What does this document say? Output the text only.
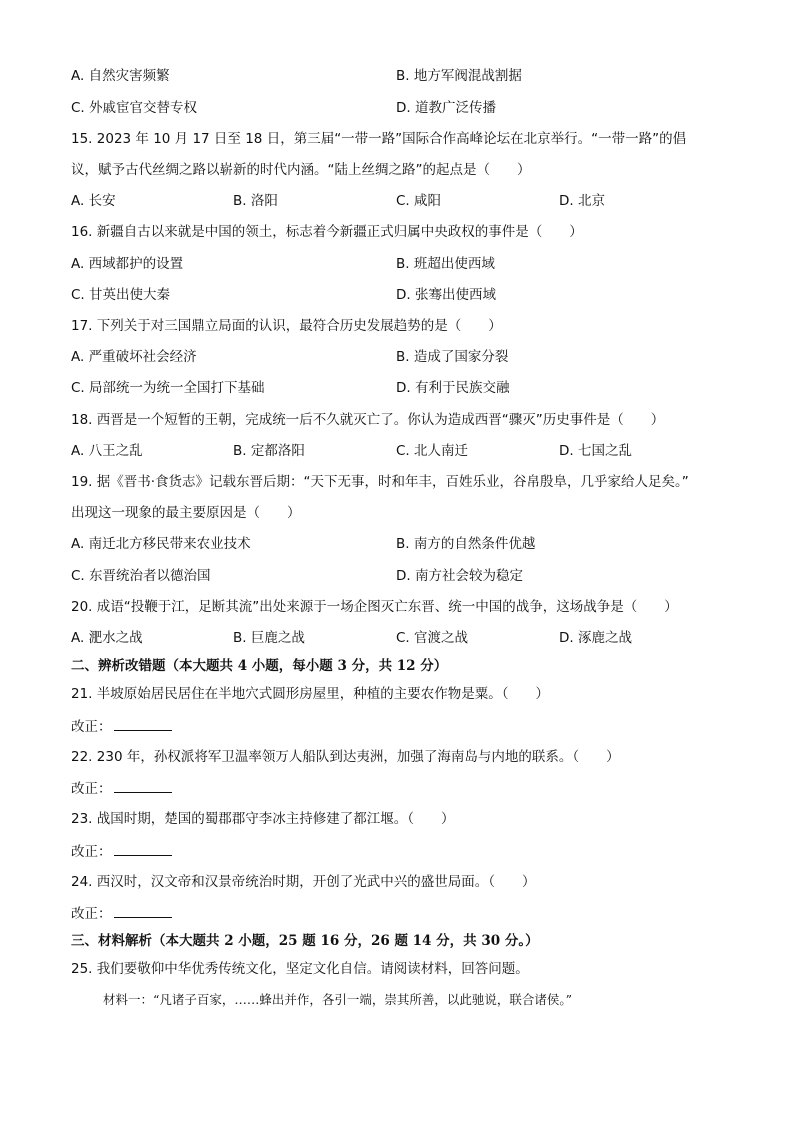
A. 自然灾害频繁	B. 地方军阀混战割据
C. 外戚宦官交替专权	D. 道教广泛传播
15. 2023 年 10 月 17 日至 18 日，第三届“一带一路”国际合作高峰论坛在北京举行。“一带一路”的倡
议，赋予古代丝绸之路以崭新的时代内涵。“陆上丝绸之路”的起点是（　　）
A. 长安	B. 洛阳	C. 咸阳	D. 北京
16. 新疆自古以来就是中国的领土，标志着今新疆正式归属中央政权的事件是（　　）
A. 西域都护的设置	B. 班超出使西域
C. 甘英出使大秦	D. 张骞出使西域
17. 下列关于对三国鼎立局面的认识，最符合历史发展趋势的是（　　）
A. 严重破坏社会经济	B. 造成了国家分裂
C. 局部统一为统一全国打下基础	D. 有利于民族交融
18. 西晋是一个短暂的王朝，完成统一后不久就灭亡了。你认为造成西晋“骤灭”历史事件是（　　）
A. 八王之乱	B. 定都洛阳	C. 北人南迁	D. 七国之乱
19. 据《晋书·食货志》记载东晋后期：“天下无事，时和年丰，百姓乐业，谷帛殷阜，几乎家给人足矣。”
出现这一现象的最主要原因是（　　）
A. 南迁北方移民带来农业技术	B. 南方的自然条件优越
C. 东晋统治者以德治国	D. 南方社会较为稳定
20. 成语“投鞭于江，足断其流”出处来源于一场企图灭亡东晋、统一中国的战争，这场战争是（　　）
A. 淝水之战	B. 巨鹿之战	C. 官渡之战	D. 涿鹿之战
二、辨析改错题（本大题共 4 小题，每小题 3 分，共 12 分）
21. 半坡原始居民居住在半地穴式圆形房屋里，种植的主要农作物是粟。（　　）
改正：
22. 230 年，孙权派将军卫温率领万人船队到达夷洲，加强了海南岛与内地的联系。（　　）
改正：
23. 战国时期，楚国的蜀郡郡守李冰主持修建了都江堰。（　　）
改正：
24. 西汉时，汉文帝和汉景帝统治时期，开创了光武中兴的盛世局面。（　　）
改正：
三、材料解析（本大题共 2 小题，25 题 16 分，26 题 14 分，共 30 分。）
25. 我们要敬仰中华优秀传统文化，坚定文化自信。请阅读材料，回答问题。
材料一：“凡诸子百家，……蜂出并作，各引一端，崇其所善，以此驰说，联合诸侯。”
